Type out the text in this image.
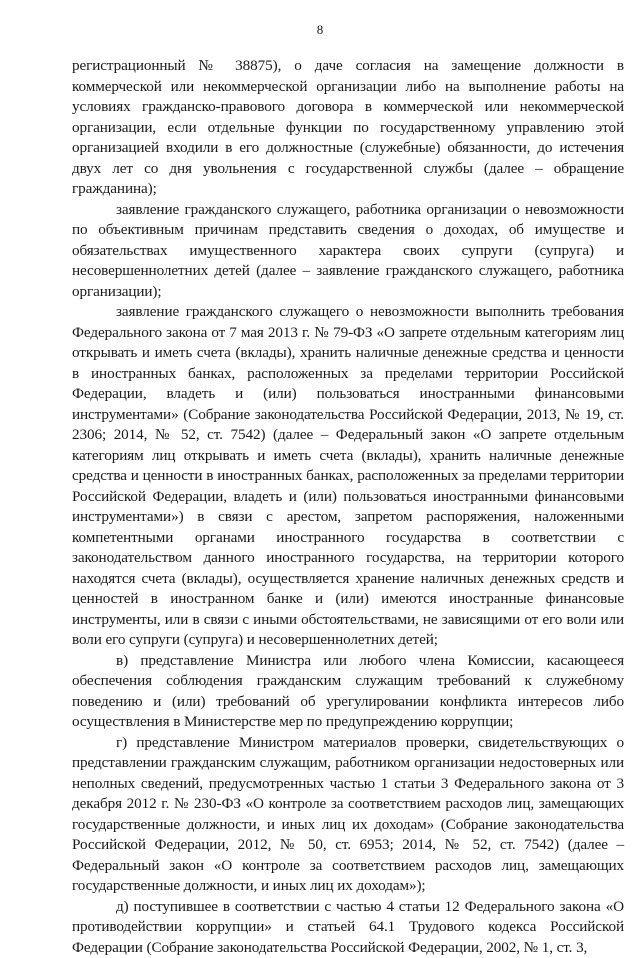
8

регистрационный № 38875), о даче согласия на замещение должности в коммерческой или некоммерческой организации либо на выполнение работы на условиях гражданско-правового договора в коммерческой или некоммерческой организации, если отдельные функции по государственному управлению этой организацией входили в его должностные (служебные) обязанности, до истечения двух лет со дня увольнения с государственной службы (далее – обращение гражданина);

заявление гражданского служащего, работника организации о невозможности по объективным причинам представить сведения о доходах, об имуществе и обязательствах имущественного характера своих супруги (супруга) и несовершеннолетних детей (далее – заявление гражданского служащего, работника организации);

заявление гражданского служащего о невозможности выполнить требования Федерального закона от 7 мая 2013 г. № 79-ФЗ «О запрете отдельным категориям лиц открывать и иметь счета (вклады), хранить наличные денежные средства и ценности в иностранных банках, расположенных за пределами территории Российской Федерации, владеть и (или) пользоваться иностранными финансовыми инструментами» (Собрание законодательства Российской Федерации, 2013, № 19, ст. 2306; 2014, № 52, ст. 7542) (далее – Федеральный закон «О запрете отдельным категориям лиц открывать и иметь счета (вклады), хранить наличные денежные средства и ценности в иностранных банках, расположенных за пределами территории Российской Федерации, владеть и (или) пользоваться иностранными финансовыми инструментами») в связи с арестом, запретом распоряжения, наложенными компетентными органами иностранного государства в соответствии с законодательством данного иностранного государства, на территории которого находятся счета (вклады), осуществляется хранение наличных денежных средств и ценностей в иностранном банке и (или) имеются иностранные финансовые инструменты, или в связи с иными обстоятельствами, не зависящими от его воли или воли его супруги (супруга) и несовершеннолетних детей;

в) представление Министра или любого члена Комиссии, касающееся обеспечения соблюдения гражданским служащим требований к служебному поведению и (или) требований об урегулировании конфликта интересов либо осуществления в Министерстве мер по предупреждению коррупции;

г) представление Министром материалов проверки, свидетельствующих о представлении гражданским служащим, работником организации недостоверных или неполных сведений, предусмотренных частью 1 статьи 3 Федерального закона от 3 декабря 2012 г. № 230-ФЗ «О контроле за соответствием расходов лиц, замещающих государственные должности, и иных лиц их доходам» (Собрание законодательства Российской Федерации, 2012, № 50, ст. 6953; 2014, № 52, ст. 7542) (далее – Федеральный закон «О контроле за соответствием расходов лиц, замещающих государственные должности, и иных лиц их доходам»);

д) поступившее в соответствии с частью 4 статьи 12 Федерального закона «О противодействии коррупции» и статьей 64.1 Трудового кодекса Российской Федерации (Собрание законодательства Российской Федерации, 2002, № 1, ст. 3,
